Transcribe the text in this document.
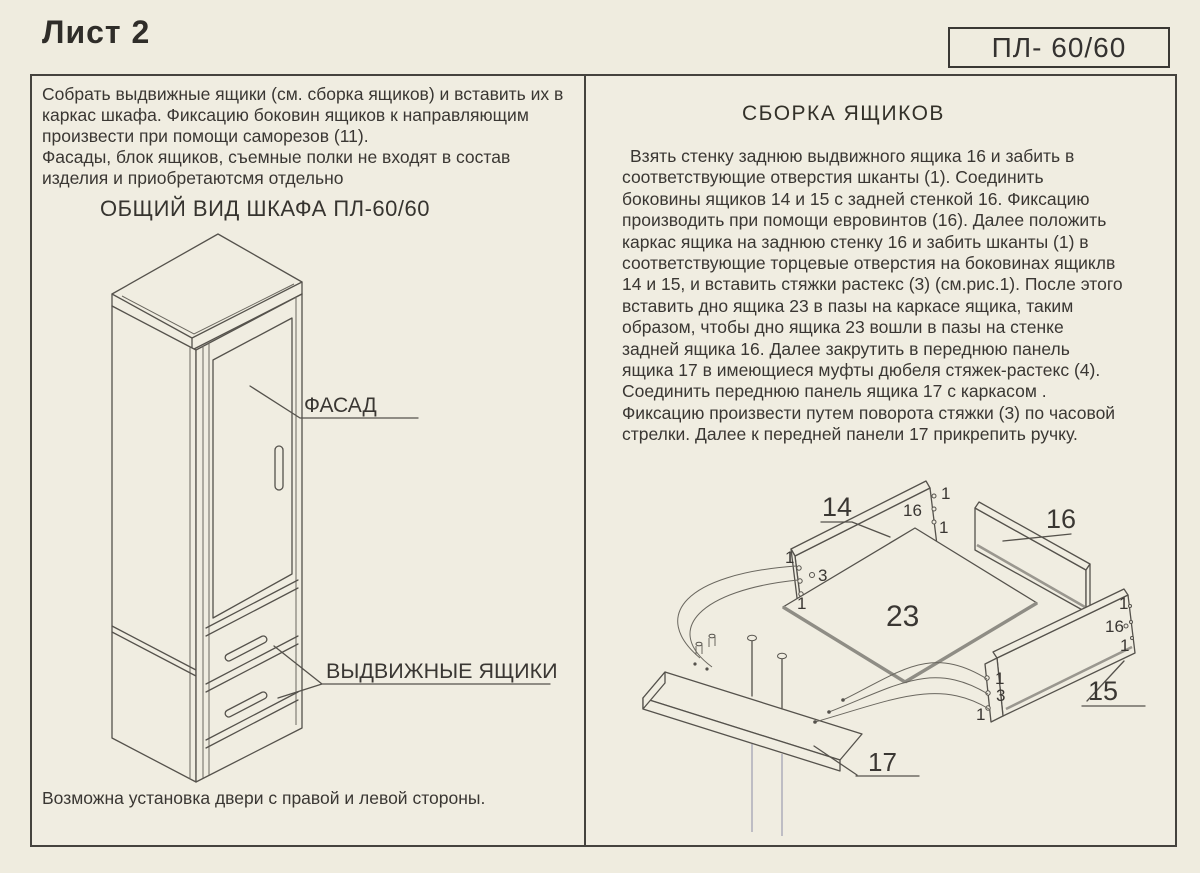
Лист 2	ПЛ- 60/60

Собрать выдвижные ящики (см. сборка ящиков) и вставить их в каркас шкафа. Фиксацию боковин ящиков к направляющим произвести при помощи саморезов (11).

Фасады, блок ящиков, съемные полки не входят в состав изделия и приобретаютсмя отдельно

ОБЩИЙ ВИД ШКАФА ПЛ-60/60
ФАСАД
ВЫДВИЖНЫЕ ЯЩИКИ
Возможна установка двери с правой и левой стороны.
СБОРКА ЯЩИКОВ
Взять стенку заднюю выдвижного ящика 16 и забить в соответствующие отверстия шканты (1). Соединить боковины ящиков 14 и 15 с задней стенкой 16. Фиксацию производить при помощи евровинтов (16). Далее положить каркас ящика на заднюю стенку 16 и забить шканты (1) в соответствующие торцевые отверстия на боковинах ящиклв 14 и 15, и вставить стяжки растекс (3) (см.рис.1). После этого вставить дно ящика 23 в пазы на каркасе ящика, таким образом, чтобы дно ящика 23 вошли в пазы на стенке задней ящика 16. Далее закрутить в переднюю панель ящика 17 в имеющиеся муфты дюбеля стяжек-растекс (4). Соединить переднюю панель ящика 17 с каркасом . Фиксацию произвести путем поворота стяжки (3) по часовой стрелки. Далее к передней панели 17 прикрепить ручку.
14	16
23
15
17
1
16
1
1
3
1
1
3
1
1
16
1
